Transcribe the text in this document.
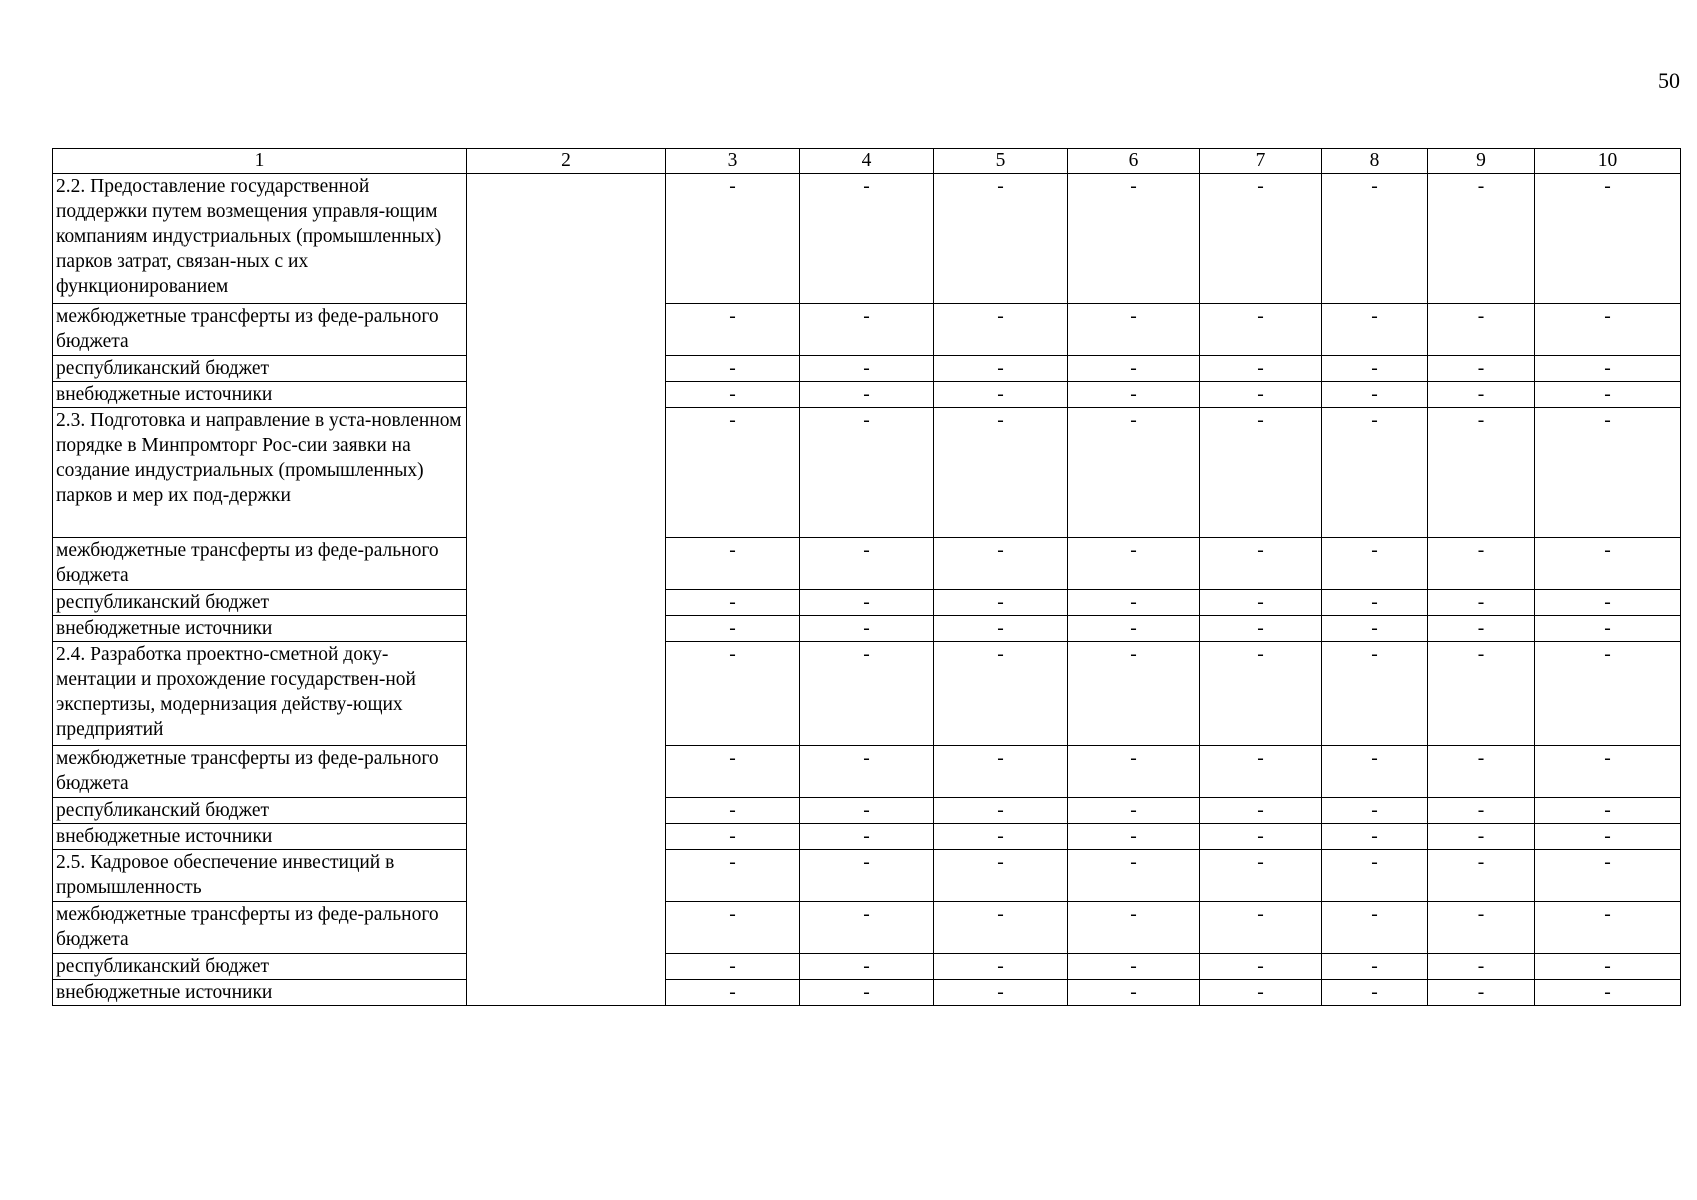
50
1	2	3	4	5	6	7	8	9	10
2.2. Предоставление государственной поддержки путем возмещения управля-ющим компаниям индустриальных (промышленных) парков затрат, связан-ных с их функционированием		-	-	-	-	-	-	-	-
межбюджетные трансферты из феде-рального бюджета		-	-	-	-	-	-	-	-
республиканский бюджет		-	-	-	-	-	-	-	-
внебюджетные источники		-	-	-	-	-	-	-	-
2.3. Подготовка и направление в уста-новленном порядке в Минпромторг Рос-сии заявки на создание индустриальных (промышленных) парков и мер их под-держки		-	-	-	-	-	-	-	-
межбюджетные трансферты из феде-рального бюджета		-	-	-	-	-	-	-	-
республиканский бюджет		-	-	-	-	-	-	-	-
внебюджетные источники		-	-	-	-	-	-	-	-
2.4. Разработка проектно-сметной доку-ментации и прохождение государствен-ной экспертизы, модернизация действу-ющих предприятий		-	-	-	-	-	-	-	-
межбюджетные трансферты из феде-рального бюджета		-	-	-	-	-	-	-	-
республиканский бюджет		-	-	-	-	-	-	-	-
внебюджетные источники		-	-	-	-	-	-	-	-
2.5. Кадровое обеспечение инвестиций в промышленность		-	-	-	-	-	-	-	-
межбюджетные трансферты из феде-рального бюджета		-	-	-	-	-	-	-	-
республиканский бюджет		-	-	-	-	-	-	-	-
внебюджетные источники		-	-	-	-	-	-	-	-
